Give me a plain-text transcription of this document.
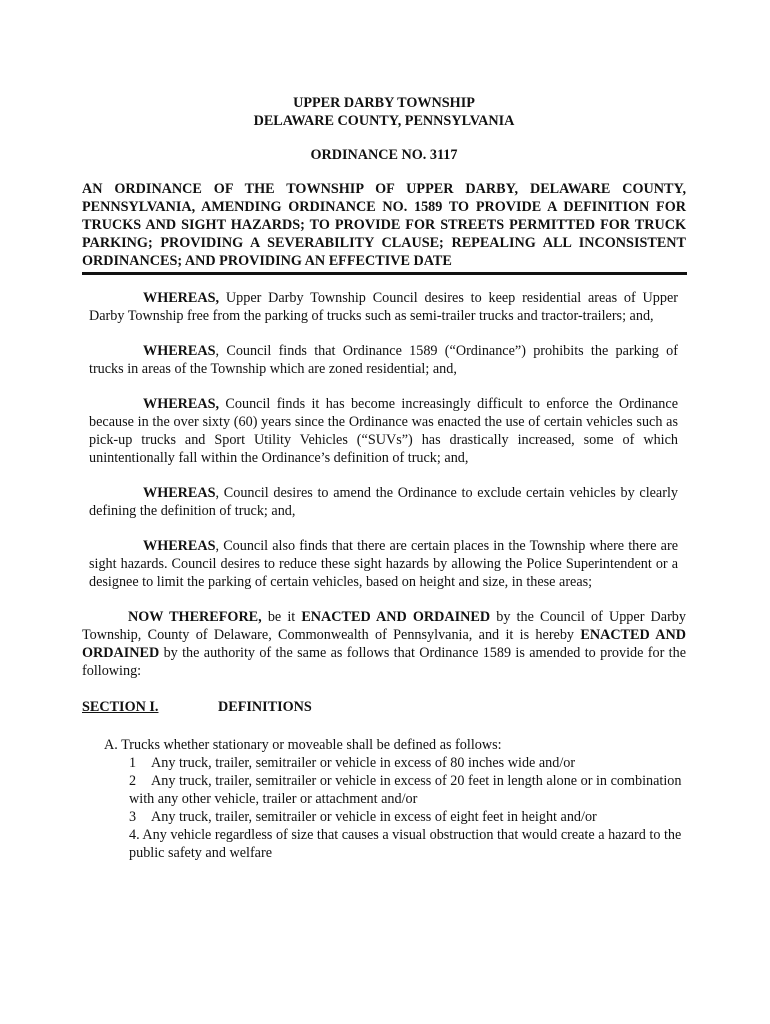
UPPER DARBY TOWNSHIP
DELAWARE COUNTY, PENNSYLVANIA
ORDINANCE NO. 3117
AN ORDINANCE OF THE TOWNSHIP OF UPPER DARBY, DELAWARE COUNTY, PENNSYLVANIA, AMENDING ORDINANCE NO. 1589 TO PROVIDE A DEFINITION FOR TRUCKS AND SIGHT HAZARDS; TO PROVIDE FOR STREETS PERMITTED FOR TRUCK PARKING; PROVIDING A SEVERABILITY CLAUSE; REPEALING ALL INCONSISTENT ORDINANCES; AND PROVIDING AN EFFECTIVE DATE

WHEREAS, Upper Darby Township Council desires to keep residential areas of Upper Darby Township free from the parking of trucks such as semi-trailer trucks and tractor-trailers; and,

WHEREAS, Council finds that Ordinance 1589 (“Ordinance”) prohibits the parking of trucks in areas of the Township which are zoned residential; and,

WHEREAS, Council finds it has become increasingly difficult to enforce the Ordinance because in the over sixty (60) years since the Ordinance was enacted the use of certain vehicles such as pick-up trucks and Sport Utility Vehicles (“SUVs”) has drastically increased, some of which unintentionally fall within the Ordinance’s definition of truck; and,

WHEREAS, Council desires to amend the Ordinance to exclude certain vehicles by clearly defining the definition of truck; and,

WHEREAS, Council also finds that there are certain places in the Township where there are sight hazards. Council desires to reduce these sight hazards by allowing the Police Superintendent or a designee to limit the parking of certain vehicles, based on height and size, in these areas;

NOW THEREFORE, be it ENACTED AND ORDAINED by the Council of Upper Darby Township, County of Delaware, Commonwealth of Pennsylvania, and it is hereby ENACTED AND ORDAINED by the authority of the same as follows that Ordinance 1589 is amended to provide for the following:

SECTION I.	DEFINITIONS
A. Trucks whether stationary or moveable shall be defined as follows:
1 Any truck, trailer, semitrailer or vehicle in excess of 80 inches wide and/or
2 Any truck, trailer, semitrailer or vehicle in excess of 20 feet in length alone or in combination with any other vehicle, trailer or attachment and/or
3 Any truck, trailer, semitrailer or vehicle in excess of eight feet in height and/or
4. Any vehicle regardless of size that causes a visual obstruction that would create a hazard to the public safety and welfare
